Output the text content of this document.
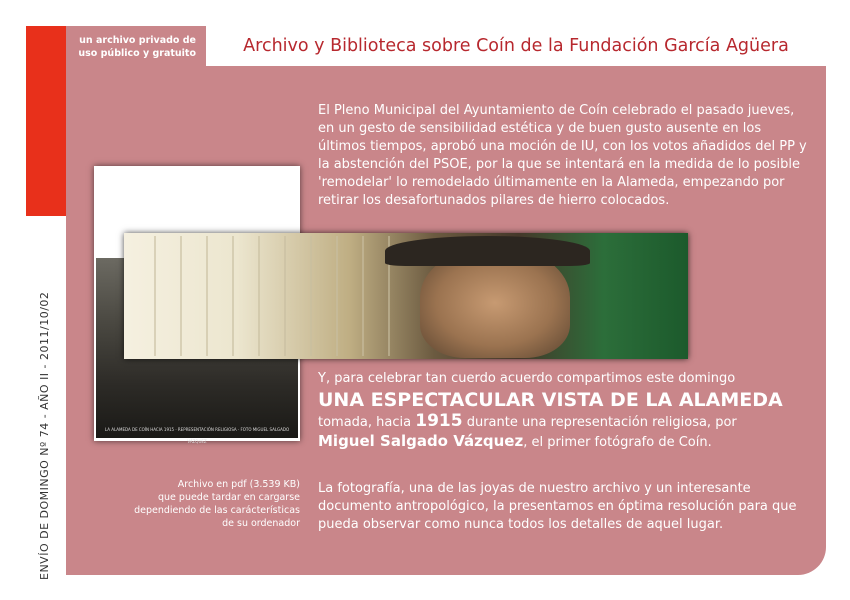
un archivo privado de
uso público y gratuito	Archivo y Biblioteca sobre Coín de la Fundación García Agüera
ENVÍO DE DOMINGO Nº 74 - AÑO II - 2011/10/02
El Pleno Municipal del Ayuntamiento de Coín celebrado el pasado jueves, en un gesto de sensibilidad estética y de buen gusto ausente en los últimos tiempos, aprobó una moción de IU, con los votos añadidos del PP y la abstención del PSOE, por la que se intentará en la medida de lo posible 'remodelar' lo remodelado últimamente en la Alameda, empezando por retirar los desafortunados pilares de hierro colocados.
LA ALAMEDA DE COÍN HACIA 1915 · REPRESENTACIÓN RELIGIOSA · FOTO MIGUEL SALGADO VÁZQUEZ
Y, para celebrar tan cuerdo acuerdo compartimos este domingo
UNA ESPECTACULAR VISTA DE LA ALAMEDA
tomada, hacia 1915 durante una representación religiosa, por
Miguel Salgado Vázquez, el primer fotógrafo de Coín.
La fotografía, una de las joyas de nuestro archivo y un interesante documento antropológico, la presentamos en óptima resolución para que pueda observar como nunca todos los detalles de aquel lugar.
Archivo en pdf (3.539 KB)
que puede tardar en cargarse
dependiendo de las carácterísticas
de su ordenador
